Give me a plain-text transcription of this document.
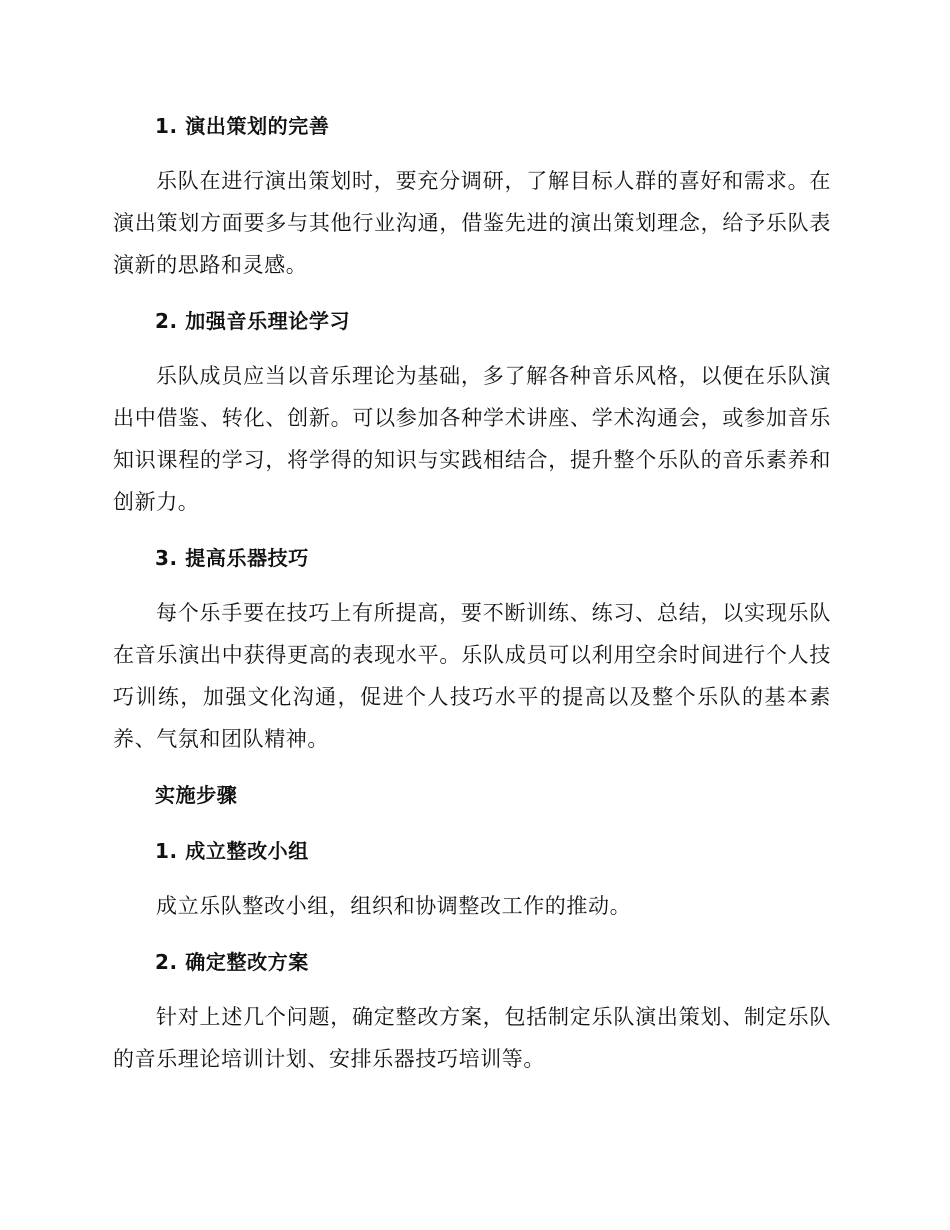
1. 演出策划的完善
乐队在进行演出策划时，要充分调研，了解目标人群的喜好和需求。在演出策划方面要多与其他行业沟通，借鉴先进的演出策划理念，给予乐队表演新的思路和灵感。
2. 加强音乐理论学习
乐队成员应当以音乐理论为基础，多了解各种音乐风格，以便在乐队演出中借鉴、转化、创新。可以参加各种学术讲座、学术沟通会，或参加音乐知识课程的学习，将学得的知识与实践相结合，提升整个乐队的音乐素养和创新力。
3. 提高乐器技巧
每个乐手要在技巧上有所提高，要不断训练、练习、总结，以实现乐队在音乐演出中获得更高的表现水平。乐队成员可以利用空余时间进行个人技巧训练，加强文化沟通，促进个人技巧水平的提高以及整个乐队的基本素养、气氛和团队精神。
实施步骤
1. 成立整改小组
成立乐队整改小组，组织和协调整改工作的推动。
2. 确定整改方案
针对上述几个问题，确定整改方案，包括制定乐队演出策划、制定乐队的音乐理论培训计划、安排乐器技巧培训等。
